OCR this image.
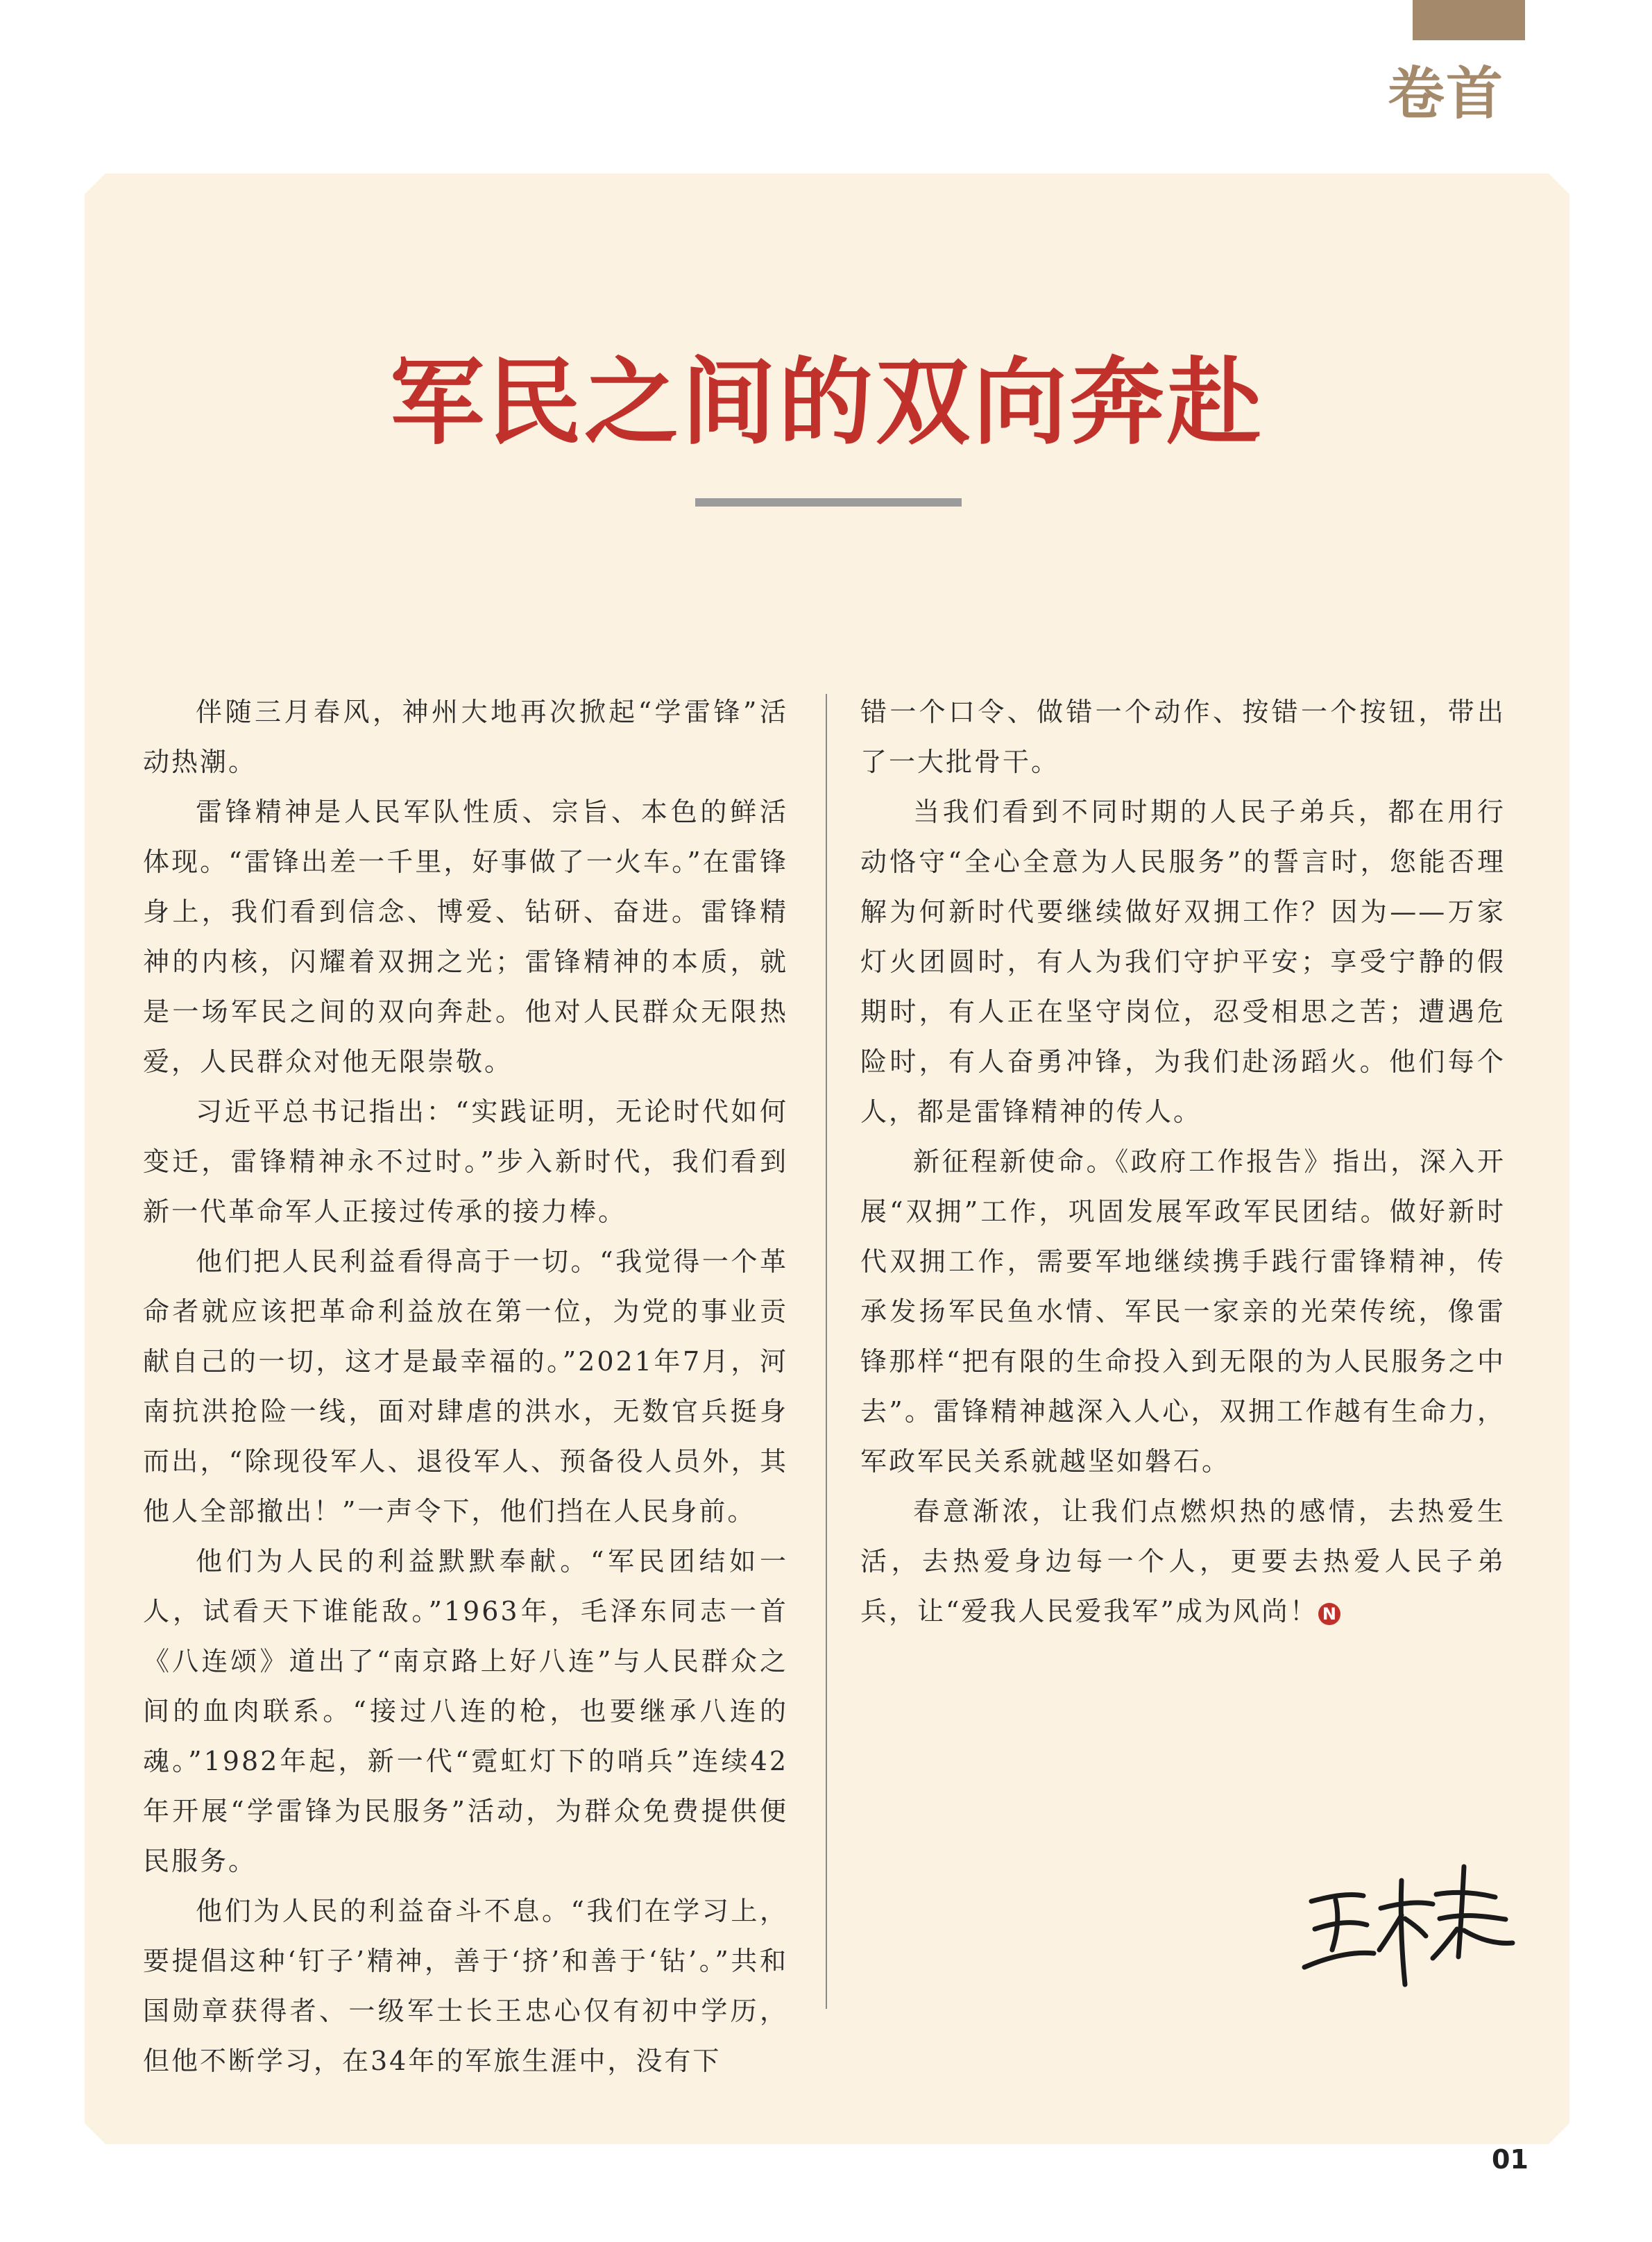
卷首
军民之间的双向奔赴

伴随三月春风，神州大地再次掀起“学雷锋”活动热潮。

雷锋精神是人民军队性质、宗旨、本色的鲜活体现。“雷锋出差一千里，好事做了一火车。”在雷锋身上，我们看到信念、博爱、钻研、奋进。雷锋精神的内核，闪耀着双拥之光；雷锋精神的本质，就是一场军民之间的双向奔赴。他对人民群众无限热爱，人民群众对他无限崇敬。

习近平总书记指出：“实践证明，无论时代如何变迁，雷锋精神永不过时。”步入新时代，我们看到新一代革命军人正接过传承的接力棒。

他们把人民利益看得高于一切。“我觉得一个革命者就应该把革命利益放在第一位，为党的事业贡献自己的一切，这才是最幸福的。”2021年7月，河南抗洪抢险一线，面对肆虐的洪水，无数官兵挺身而出，“除现役军人、退役军人、预备役人员外，其他人全部撤出！”一声令下，他们挡在人民身前。

他们为人民的利益默默奉献。“军民团结如一人，试看天下谁能敌。”1963年，毛泽东同志一首《八连颂》道出了“南京路上好八连”与人民群众之间的血肉联系。“接过八连的枪，也要继承八连的魂。”1982年起，新一代“霓虹灯下的哨兵”连续42年开展“学雷锋为民服务”活动，为群众免费提供便民服务。

他们为人民的利益奋斗不息。“我们在学习上，要提倡这种‘钉子’精神，善于‘挤’和善于‘钻’。”共和国勋章获得者、一级军士长王忠心仅有初中学历，但他不断学习，在34年的军旅生涯中，没有下

错一个口令、做错一个动作、按错一个按钮，带出了一大批骨干。

当我们看到不同时期的人民子弟兵，都在用行动恪守“全心全意为人民服务”的誓言时，您能否理解为何新时代要继续做好双拥工作？因为——万家灯火团圆时，有人为我们守护平安；享受宁静的假期时，有人正在坚守岗位，忍受相思之苦；遭遇危险时，有人奋勇冲锋，为我们赴汤蹈火。他们每个人，都是雷锋精神的传人。

新征程新使命。《政府工作报告》指出，深入开展“双拥”工作，巩固发展军政军民团结。做好新时代双拥工作，需要军地继续携手践行雷锋精神，传承发扬军民鱼水情、军民一家亲的光荣传统，像雷锋那样“把有限的生命投入到无限的为人民服务之中去”。雷锋精神越深入人心，双拥工作越有生命力，军政军民关系就越坚如磐石。

春意渐浓，让我们点燃炽热的感情，去热爱生活，去热爱身边每一个人，更要去热爱人民子弟兵，让“爱我人民爱我军”成为风尚！ N

01
